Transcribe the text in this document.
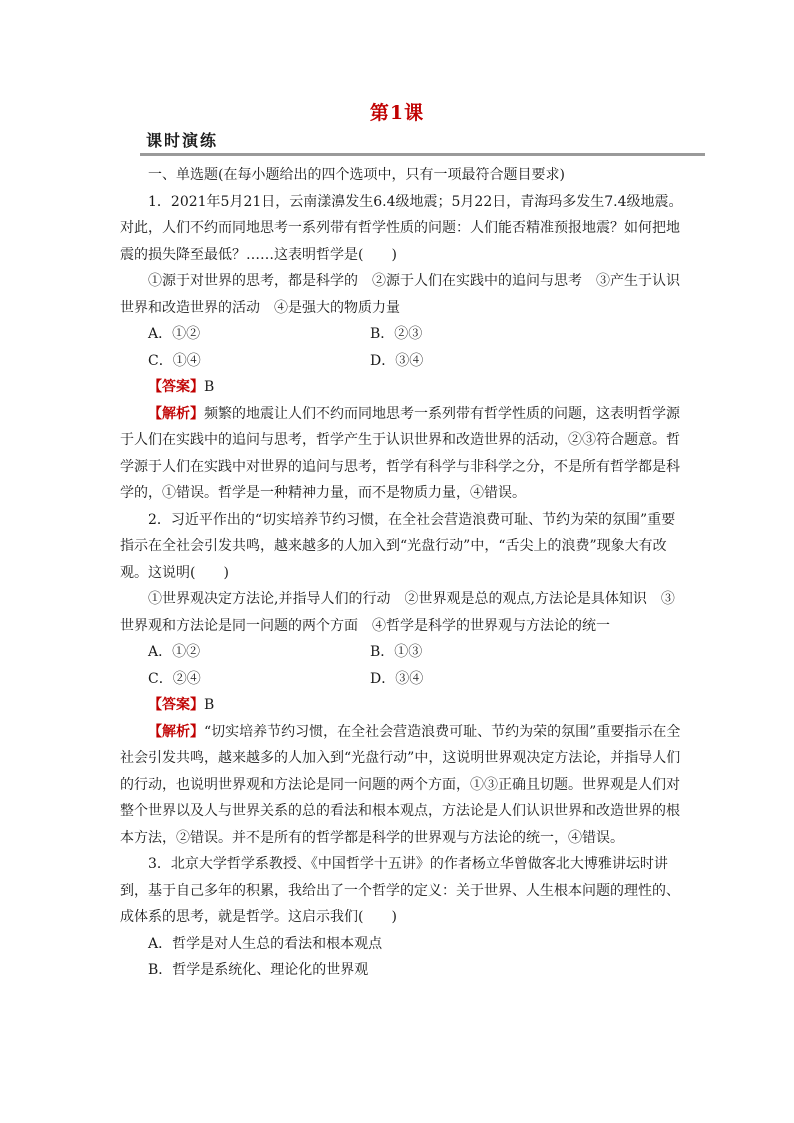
第1课
课时演练

一、单选题(在每小题给出的四个选项中，只有一项最符合题目要求)

1．2021年5月21日，云南漾濞发生6.4级地震；5月22日，青海玛多发生7.4级地震。对此，人们不约而同地思考一系列带有哲学性质的问题：人们能否精准预报地震？如何把地震的损失降至最低？……这表明哲学是(　　)

①源于对世界的思考，都是科学的　②源于人们在实践中的追问与思考　③产生于认识世界和改造世界的活动　④是强大的物质力量

A．①②	B．②③
C．①④	D．③④

【答案】B

【解析】频繁的地震让人们不约而同地思考一系列带有哲学性质的问题，这表明哲学源于人们在实践中的追问与思考，哲学产生于认识世界和改造世界的活动，②③符合题意。哲学源于人们在实践中对世界的追问与思考，哲学有科学与非科学之分，不是所有哲学都是科学的，①错误。哲学是一种精神力量，而不是物质力量，④错误。

2．习近平作出的“切实培养节约习惯，在全社会营造浪费可耻、节约为荣的氛围”重要指示在全社会引发共鸣，越来越多的人加入到“光盘行动”中，“舌尖上的浪费”现象大有改观。这说明(　　)

①世界观决定方法论,并指导人们的行动　②世界观是总的观点,方法论是具体知识　③世界观和方法论是同一问题的两个方面　④哲学是科学的世界观与方法论的统一

A．①②	B．①③
C．②④	D．③④

【答案】B

【解析】“切实培养节约习惯，在全社会营造浪费可耻、节约为荣的氛围”重要指示在全社会引发共鸣，越来越多的人加入到“光盘行动”中，这说明世界观决定方法论，并指导人们的行动，也说明世界观和方法论是同一问题的两个方面，①③正确且切题。世界观是人们对整个世界以及人与世界关系的总的看法和根本观点，方法论是人们认识世界和改造世界的根本方法，②错误。并不是所有的哲学都是科学的世界观与方法论的统一，④错误。

3．北京大学哲学系教授、《中国哲学十五讲》的作者杨立华曾做客北大博雅讲坛时讲到，基于自己多年的积累，我给出了一个哲学的定义：关于世界、人生根本问题的理性的、成体系的思考，就是哲学。这启示我们(　　)

A．哲学是对人生总的看法和根本观点

B．哲学是系统化、理论化的世界观
